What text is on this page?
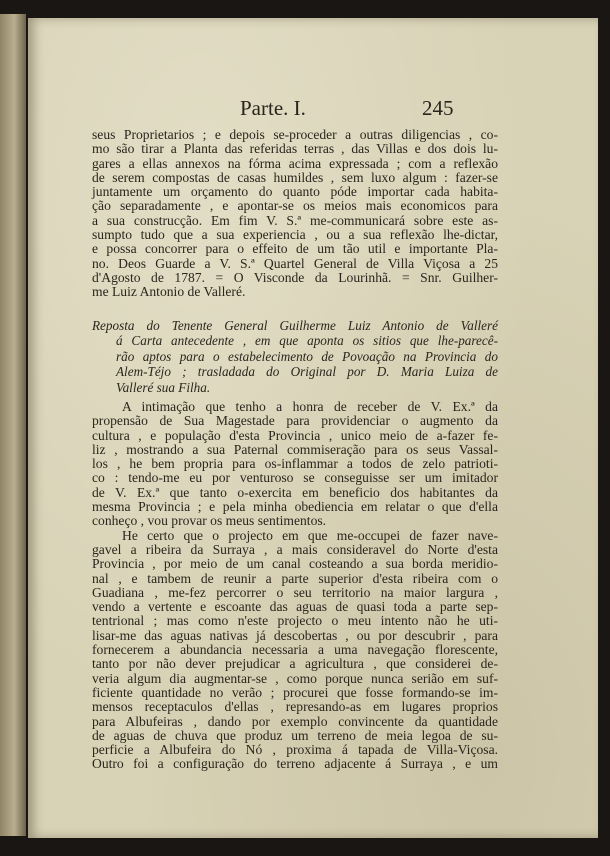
Parte. I.	245
seus Proprietarios ; e depois se-proceder a outras diligencias , co-
mo são tirar a Planta das referidas terras , das Villas e dos dois lu-
gares a ellas annexos na fórma acima expressada ; com a reflexão
de serem compostas de casas humildes , sem luxo algum : fazer-se
juntamente um orçamento do quanto póde importar cada habita-
ção separadamente , e apontar-se os meios mais economicos para
a sua construcção. Em fim V. S.ª me-communicará sobre este as-
sumpto tudo que a sua experiencia , ou a sua reflexão lhe-dictar,
e possa concorrer para o effeito de um tão util e importante Pla-
no. Deos Guarde a V. S.ª Quartel General de Villa Viçosa a 25
d'Agosto de 1787. = O Visconde da Lourinhã. = Snr. Guilher-
me Luiz Antonio de Valleré.
Reposta do Tenente General Guilherme Luiz Antonio de Valleré
á Carta antecedente , em que aponta os sitios que lhe-parecê-
rão aptos para o estabelecimento de Povoação na Provincia do
Alem-Téjo ; trasladada do Original por D. Maria Luiza de
Valleré sua Filha.
A intimação que tenho a honra de receber de V. Ex.ª da
propensão de Sua Magestade para providenciar o augmento da
cultura , e população d'esta Provincia , unico meio de a-fazer fe-
liz , mostrando a sua Paternal commiseração para os seus Vassal-
los , he bem propria para os-inflammar a todos de zelo patrioti-
co : tendo-me eu por venturoso se conseguisse ser um imitador
de V. Ex.ª que tanto o-exercita em beneficio dos habitantes da
mesma Provincia ; e pela minha obediencia em relatar o que d'ella
conheço , vou provar os meus sentimentos.
He certo que o projecto em que me-occupei de fazer nave-
gavel a ribeira da Surraya , a mais consideravel do Norte d'esta
Provincia , por meio de um canal costeando a sua borda meridio-
nal , e tambem de reunir a parte superior d'esta ribeira com o
Guadiana , me-fez percorrer o seu territorio na maior largura ,
vendo a vertente e escoante das aguas de quasi toda a parte sep-
tentrional ; mas como n'este projecto o meu intento não he uti-
lisar-me das aguas nativas já descobertas , ou por descubrir , para
fornecerem a abundancia necessaria a uma navegação florescente,
tanto por não dever prejudicar a agricultura , que considerei de-
veria algum dia augmentar-se , como porque nunca serião em suf-
ficiente quantidade no verão ; procurei que fosse formando-se im-
mensos receptaculos d'ellas , represando-as em lugares proprios
para Albufeiras , dando por exemplo convincente da quantidade
de aguas de chuva que produz um terreno de meia legoa de su-
perficie a Albufeira do Nó , proxima á tapada de Villa-Viçosa.
Outro foi a configuração do terreno adjacente á Surraya , e um
